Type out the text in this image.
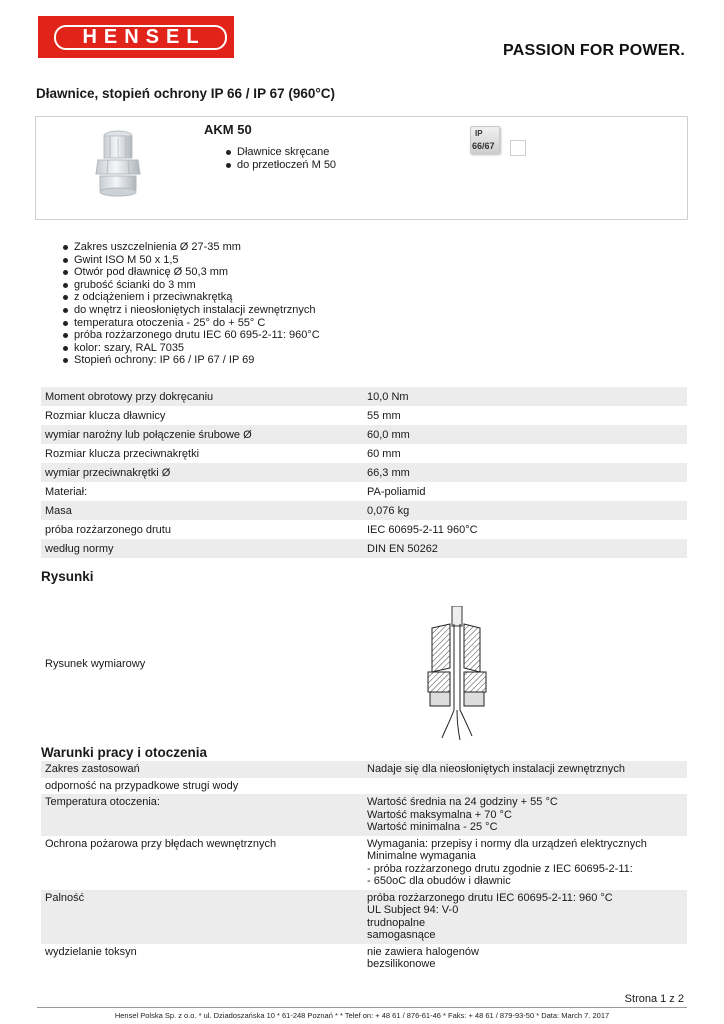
HENSEL
PASSION FOR POWER.
Dławnice, stopień ochrony IP 66 / IP 67 (960°C)
AKM 50
Dławnice skręcane
do przetłoczeń M 50
IP
66/67
Zakres uszczelnienia Ø 27-35 mm
Gwint ISO M 50 x 1,5
Otwór pod dławnicę Ø 50,3 mm
grubość ścianki do 3 mm
z odciążeniem i przeciwnakrętką
do wnętrz i nieosłoniętych instalacji zewnętrznych
temperatura otoczenia - 25° do + 55° C
próba rozżarzonego drutu IEC 60 695-2-11: 960°C
kolor: szary, RAL 7035
Stopień ochrony: IP 66 / IP 67 / IP 69
Moment obrotowy przy dokręcaniu	10,0 Nm
Rozmiar klucza dławnicy	55 mm
wymiar narożny lub połączenie śrubowe Ø	60,0 mm
Rozmiar klucza przeciwnakrętki	60 mm
wymiar przeciwnakrętki Ø	66,3 mm
Materiał:	PA-poliamid
Masa	0,076 kg
próba rozżarzonego drutu	IEC 60695-2-11 960°C
według normy	DIN EN 50262
Rysunki
Rysunek wymiarowy
Warunki pracy i otoczenia
Zakres zastosowań	Nadaje się dla nieosłoniętych instalacji zewnętrznych

odporność na przypadkowe strugi wody	
Temperatura otoczenia:	Wartość średnia na 24 godziny + 55 °C
Wartość maksymalna + 70 °C
Wartość minimalna - 25 °C

Ochrona pożarowa przy błędach wewnętrznych	Wymagania: przepisy i normy dla urządzeń elektrycznych
Minimalne wymagania
- próba rozżarzonego drutu zgodnie z IEC 60695-2-11:
- 650oC dla obudów i dławnic

Palność	próba rozżarzonego drutu IEC 60695-2-11: 960 °C
UL Subject 94: V-0
trudnopalne
samogasnące

wydzielanie toksyn	nie zawiera halogenów
bezsilikonowe
Strona 1 z 2
Hensel Polska Sp. z o.o. * ul. Dziadoszańska 10 * 61-248 Poznań * * Telef on: + 48 61 / 876-61-46 * Faks: + 48 61 / 879-93-50 * Data: March 7. 2017
